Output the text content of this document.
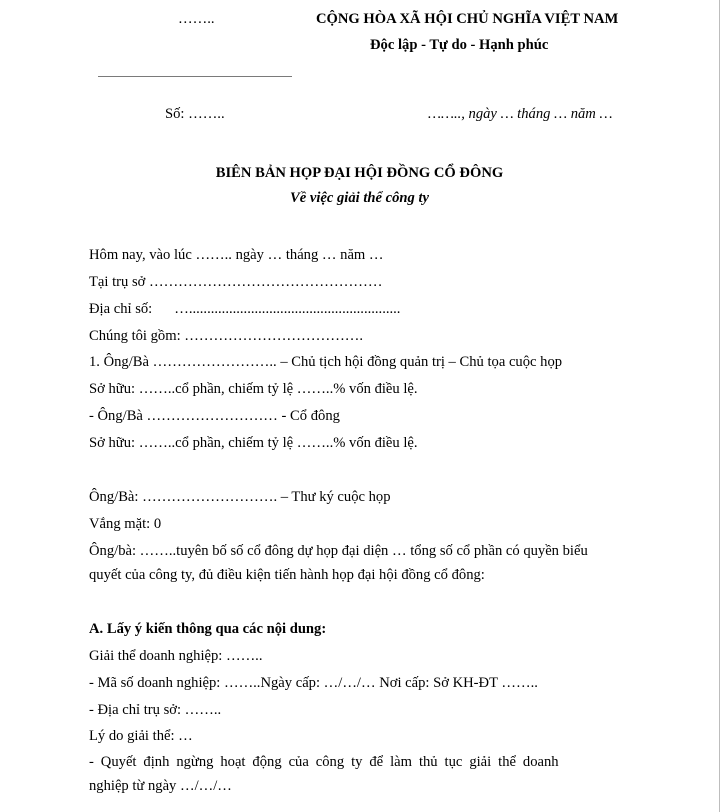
……..	CỘNG HÒA XÃ HỘI CHỦ NGHĨA VIỆT NAM
Độc lập - Tự do - Hạnh phúc
Số: ……..	…….., ngày … tháng … năm …
BIÊN BẢN HỌP ĐẠI HỘI ĐỒNG CỔ ĐÔNG
Về việc giải thể công ty
Hôm nay, vào lúc …….. ngày … tháng … năm …
Tại trụ sở …………………………………………
Địa chỉ số: …..........................................................
Chúng tôi gồm: ……………………………….
1. Ông/Bà …………………….. – Chủ tịch hội đồng quản trị – Chủ tọa cuộc họp
Sở hữu: ……..cổ phần, chiếm tỷ lệ ……..% vốn điều lệ.
- Ông/Bà ……………………… - Cổ đông
Sở hữu: ……..cổ phần, chiếm tỷ lệ ……..% vốn điều lệ.
Ông/Bà: ………………………. – Thư ký cuộc họp
Vắng mặt: 0
Ông/bà: ……..tuyên bố số cổ đông dự họp đại diện … tổng số cổ phần có quyền biểu
quyết của công ty, đủ điều kiện tiến hành họp đại hội đồng cổ đông:
A. Lấy ý kiến thông qua các nội dung:
Giải thể doanh nghiệp: ……..
- Mã số doanh nghiệp: ……..Ngày cấp: …/…/… Nơi cấp: Sở KH-ĐT ……..
- Địa chỉ trụ sở: ……..
Lý do giải thể: …
- Quyết định ngừng hoạt động của công ty để làm thủ tục giải thể doanh
nghiệp từ ngày …/…/…
